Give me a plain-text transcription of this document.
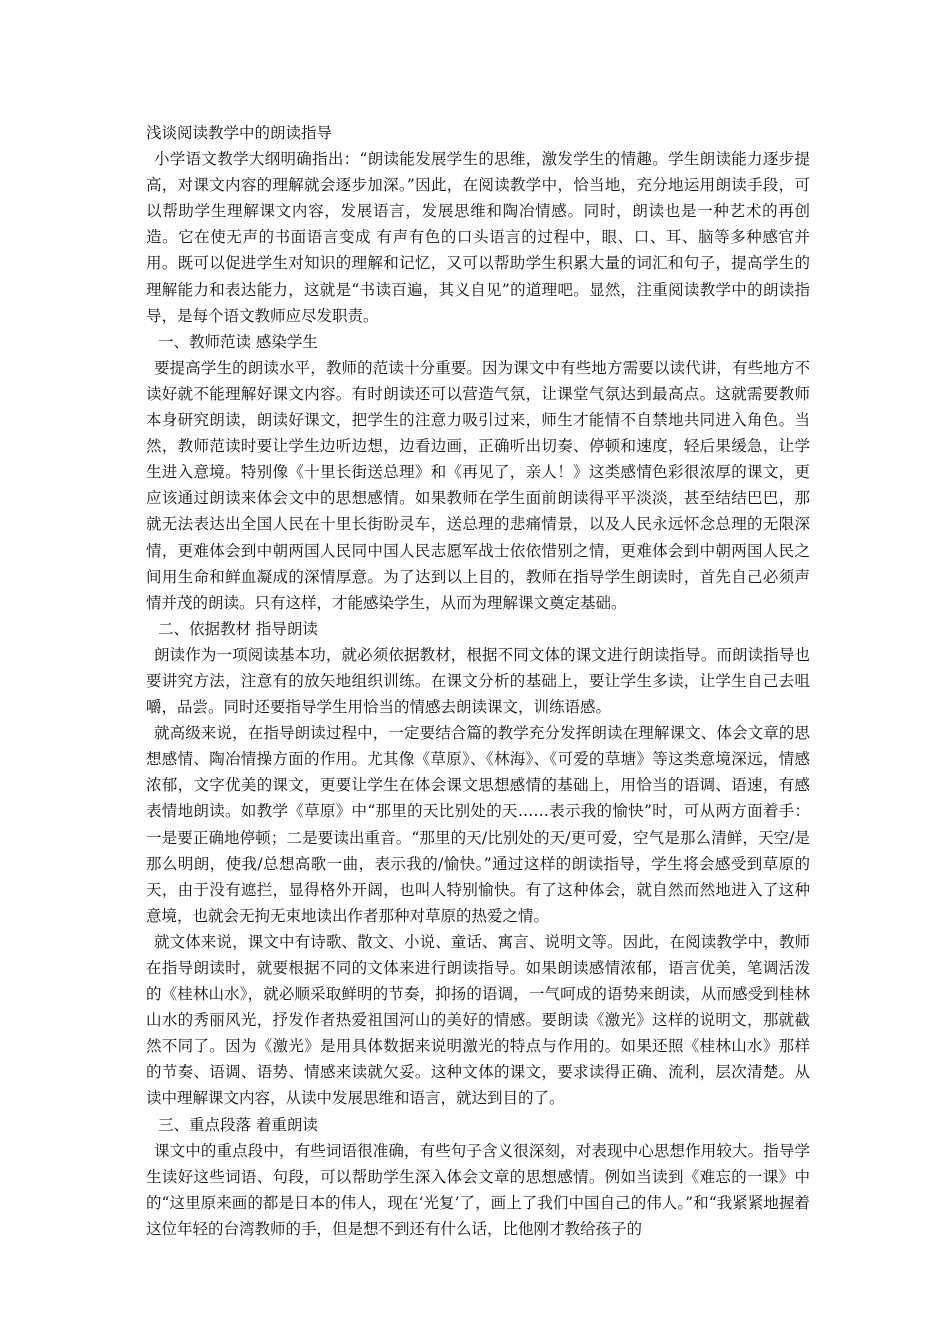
浅谈阅读教学中的朗读指导

小学语文教学大纲明确指出：“朗读能发展学生的思维，激发学生的情趣。学生朗读能力逐步提高，对课文内容的理解就会逐步加深。”因此，在阅读教学中，恰当地，充分地运用朗读手段，可以帮助学生理解课文内容，发展语言，发展思维和陶冶情感。同时，朗读也是一种艺术的再创造。它在使无声的书面语言变成 有声有色的口头语言的过程中，眼、口、耳、脑等多种感官并用。既可以促进学生对知识的理解和记忆，又可以帮助学生积累大量的词汇和句子，提高学生的理解能力和表达能力，这就是“书读百遍，其义自见”的道理吧。显然，注重阅读教学中的朗读指导，是每个语文教师应尽发职责。

一、教师范读 感染学生

要提高学生的朗读水平，教师的范读十分重要。因为课文中有些地方需要以读代讲，有些地方不读好就不能理解好课文内容。有时朗读还可以营造气氛，让课堂气氛达到最高点。这就需要教师本身研究朗读，朗读好课文，把学生的注意力吸引过来，师生才能情不自禁地共同进入角色。当然，教师范读时要让学生边听边想，边看边画，正确听出切奏、停顿和速度，轻后果缓急，让学生进入意境。特别像《十里长街送总理》和《再见了，亲人！》这类感情色彩很浓厚的课文，更应该通过朗读来体会文中的思想感情。如果教师在学生面前朗读得平平淡淡，甚至结结巴巴，那就无法表达出全国人民在十里长街盼灵车，送总理的悲痛情景，以及人民永远怀念总理的无限深情，更难体会到中朝两国人民同中国人民志愿军战士依依惜别之情，更难体会到中朝两国人民之间用生命和鲜血凝成的深情厚意。为了达到以上目的，教师在指导学生朗读时，首先自己必须声情并茂的朗读。只有这样，才能感染学生，从而为理解课文奠定基础。

二、依据教材 指导朗读

朗读作为一项阅读基本功，就必须依据教材，根据不同文体的课文进行朗读指导。而朗读指导也要讲究方法，注意有的放矢地组织训练。在课文分析的基础上，要让学生多读，让学生自己去咀嚼，品尝。同时还要指导学生用恰当的情感去朗读课文，训练语感。

就高级来说，在指导朗读过程中，一定要结合篇的教学充分发挥朗读在理解课文、体会文章的思想感情、陶冶情操方面的作用。尤其像《草原》、《林海》、《可爱的草塘》等这类意境深远，情感浓郁，文字优美的课文，更要让学生在体会课文思想感情的基础上，用恰当的语调、语速，有感表情地朗读。如教学《草原》中“那里的天比别处的天……表示我的愉快”时，可从两方面着手：一是要正确地停顿；二是要读出重音。“那里的天/比别处的天/更可爱，空气是那么清鲜，天空/是那么明朗，使我/总想高歌一曲，表示我的/愉快。”通过这样的朗读指导，学生将会感受到草原的天，由于没有遮拦，显得格外开阔，也叫人特别愉快。有了这种体会，就自然而然地进入了这种意境，也就会无拘无束地读出作者那种对草原的热爱之情。

就文体来说，课文中有诗歌、散文、小说、童话、寓言、说明文等。因此，在阅读教学中，教师在指导朗读时，就要根据不同的文体来进行朗读指导。如果朗读感情浓郁，语言优美，笔调活泼的《桂林山水》，就必顺采取鲜明的节奏，抑扬的语调，一气呵成的语势来朗读，从而感受到桂林山水的秀丽风光，抒发作者热爱祖国河山的美好的情感。要朗读《激光》这样的说明文，那就截然不同了。因为《激光》是用具体数据来说明激光的特点与作用的。如果还照《桂林山水》那样的节奏、语调、语势、情感来读就欠妥。这种文体的课文，要求读得正确、流利，层次清楚。从读中理解课文内容，从读中发展思维和语言，就达到目的了。

三、重点段落 着重朗读

课文中的重点段中，有些词语很准确，有些句子含义很深刻，对表现中心思想作用较大。指导学生读好这些词语、句段，可以帮助学生深入体会文章的思想感情。例如当读到《难忘的一课》中的“这里原来画的都是日本的伟人，现在‘光复’了，画上了我们中国自己的伟人。”和“我紧紧地握着这位年轻的台湾教师的手，但是想不到还有什么话，比他刚才教给孩子的
